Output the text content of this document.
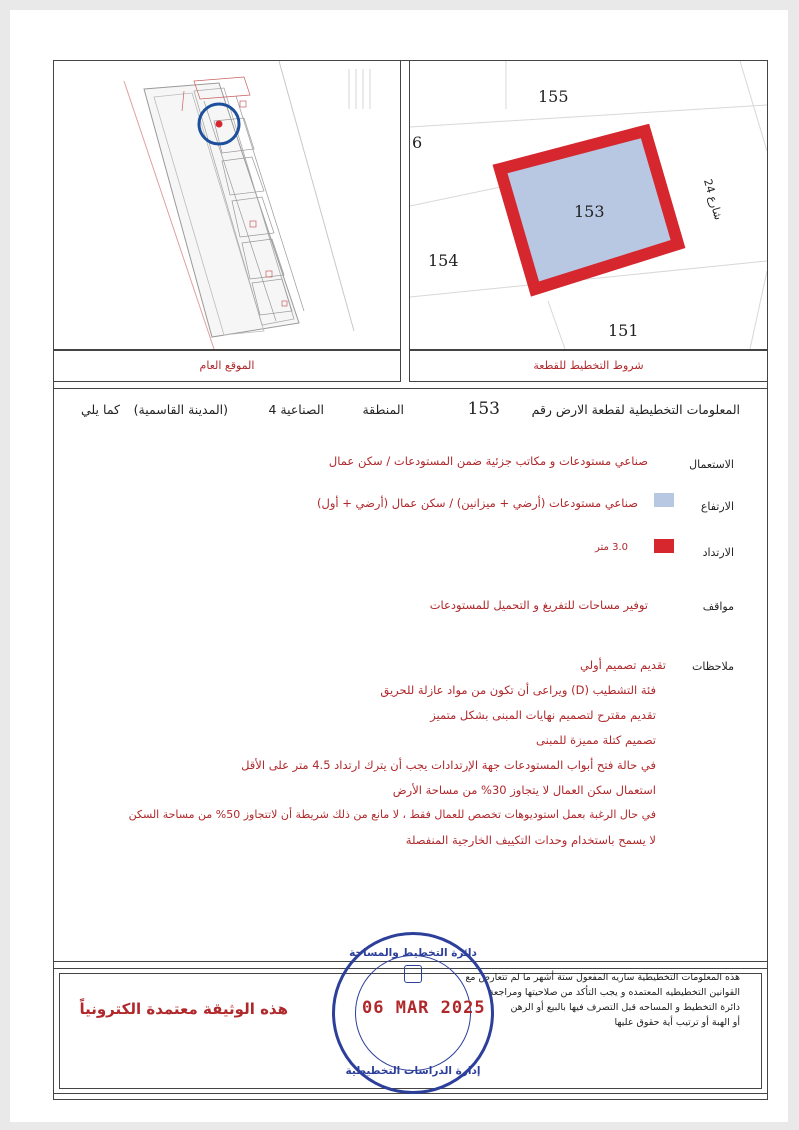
153
155
151
154
6
شارع 24
الموقع العام	شروط التخطيط للقطعة
المعلومات التخطيطية لقطعة الارض رقم
153
المنطقة
الصناعية 4
(المدينة القاسمية)
كما يلي
الاستعمال
صناعي مستودعات و مكاتب جزئية ضمن المستودعات / سكن عمال
الارتفاع
صناعي مستودعات (أرضي + ميزانين) / سكن عمال (أرضي + أول)
الارتداد
3.0 متر
مواقف
توفير مساحات للتفريغ و التحميل للمستودعات
ملاحظات
تقديم تصميم أولي
فئة التشطيب (D) ويراعى أن تكون من مواد عازلة للحريق
تقديم مقترح لتصميم نهايات المبنى بشكل متميز
تصميم كتلة مميزة للمبنى
في حالة فتح أبواب المستودعات جهة الإرتدادات يجب أن يترك ارتداد 4.5 متر على الأقل
استعمال سكن العمال لا يتجاوز 30% من مساحة الأرض
في حال الرغبة بعمل استوديوهات تخصص للعمال فقط ، لا مانع من ذلك شريطة أن لاتتجاوز 50% من مساحة السكن
لا يسمح باستخدام وحدات التكييف الخارجية المنفصلة
هذه المعلومات التخطيطية ساريه المفعول ستة أشهر ما لم تتعارض مع
القوانين التخطيطيه المعتمده و يجب التأكد من صلاحيتها ومراجعة
دائرة التخطيط و المساحه قبل التصرف فيها بالبيع أو الرهن
أو الهبة أو ترتيب أية حقوق عليها
دائرة التخطيط والمساحة
إدارة الدراسات التخطيطية
06 MAR 2025
هذه الوثيقة معتمدة الكترونياً
